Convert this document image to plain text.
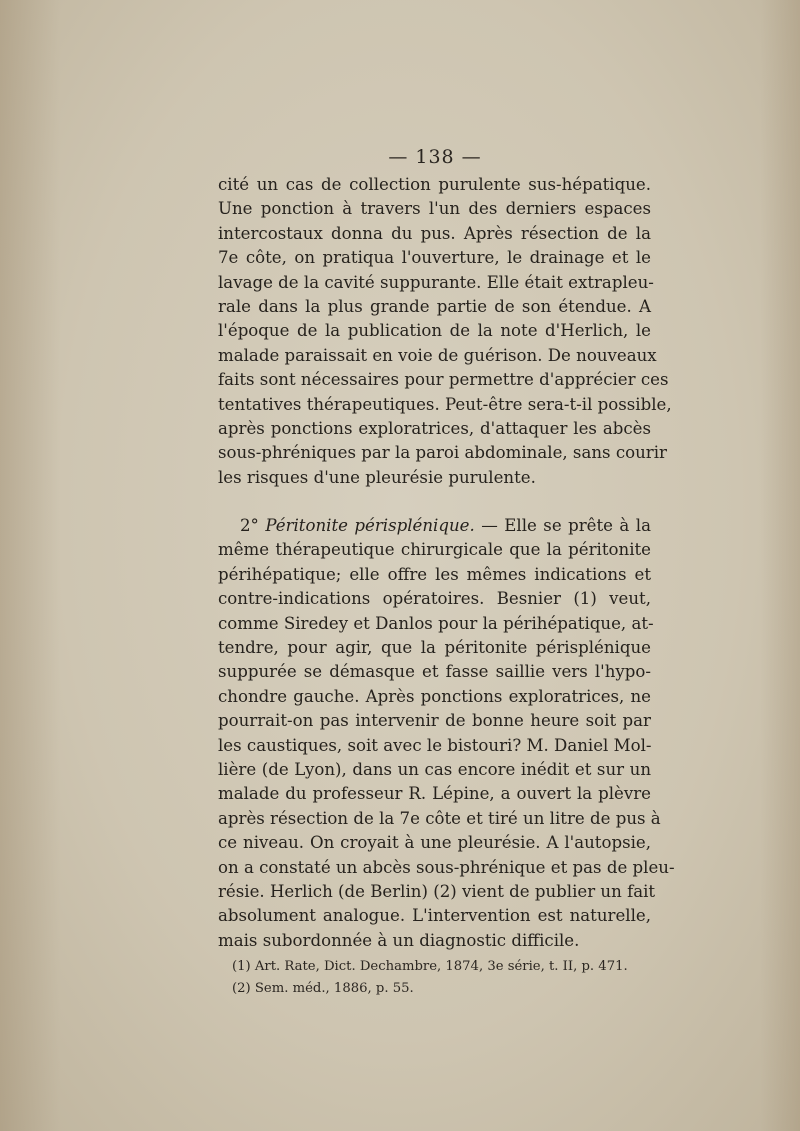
— 138 —
cité un cas de collection purulente sus-hépatique.
Une ponction à travers l'un des derniers espaces
intercostaux donna du pus. Après résection de la
7e côte, on pratiqua l'ouverture, le drainage et le
lavage de la cavité suppurante. Elle était extrapleu-
rale dans la plus grande partie de son étendue. A
l'époque de la publication de la note d'Herlich, le
malade paraissait en voie de guérison. De nouveaux
faits sont nécessaires pour permettre d'apprécier ces
tentatives thérapeutiques. Peut-être sera-t-il possible,
après ponctions exploratrices, d'attaquer les abcès
sous-phréniques par la paroi abdominale, sans courir
les risques d'une pleurésie purulente.
2° Péritonite périsplénique. — Elle se prête à la
même thérapeutique chirurgicale que la péritonite
périhépatique; elle offre les mêmes indications et
contre-indications opératoires. Besnier (1) veut,
comme Siredey et Danlos pour la périhépatique, at-
tendre, pour agir, que la péritonite périsplénique
suppurée se démasque et fasse saillie vers l'hypo-
chondre gauche. Après ponctions exploratrices, ne
pourrait-on pas intervenir de bonne heure soit par
les caustiques, soit avec le bistouri? M. Daniel Mol-
lière (de Lyon), dans un cas encore inédit et sur un
malade du professeur R. Lépine, a ouvert la plèvre
après résection de la 7e côte et tiré un litre de pus à
ce niveau. On croyait à une pleurésie. A l'autopsie,
on a constaté un abcès sous-phrénique et pas de pleu-
résie. Herlich (de Berlin) (2) vient de publier un fait
absolument analogue. L'intervention est naturelle,
mais subordonnée à un diagnostic difficile.
(1) Art. Rate, Dict. Dechambre, 1874, 3e série, t. II, p. 471.
(2) Sem. méd., 1886, p. 55.
